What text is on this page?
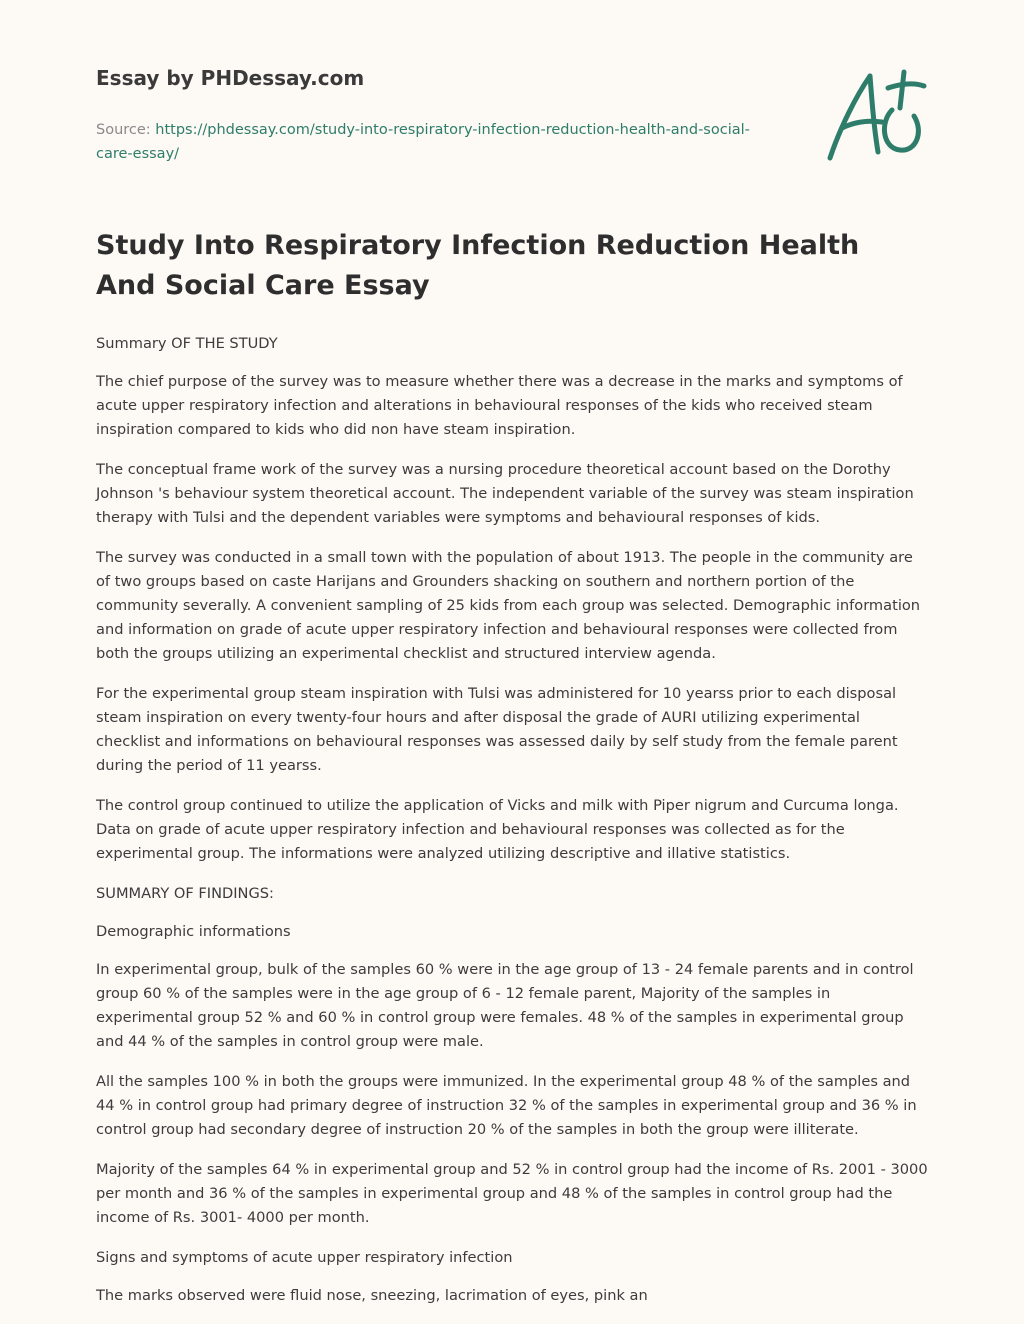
Essay by PHDessay.com
Source: https://phdessay.com/study-into-respiratory-infection-reduction-health-and-social-care-essay/
Study Into Respiratory Infection Reduction Health And Social Care Essay

Summary OF THE STUDY

The chief purpose of the survey was to measure whether there was a decrease in the marks and symptoms of acute upper respiratory infection and alterations in behavioural responses of the kids who received steam inspiration compared to kids who did non have steam inspiration.

The conceptual frame work of the survey was a nursing procedure theoretical account based on the Dorothy Johnson 's behaviour system theoretical account. The independent variable of the survey was steam inspiration therapy with Tulsi and the dependent variables were symptoms and behavioural responses of kids.

The survey was conducted in a small town with the population of about 1913. The people in the community are of two groups based on caste Harijans and Grounders shacking on southern and northern portion of the community severally. A convenient sampling of 25 kids from each group was selected. Demographic information and information on grade of acute upper respiratory infection and behavioural responses were collected from both the groups utilizing an experimental checklist and structured interview agenda.

For the experimental group steam inspiration with Tulsi was administered for 10 yearss prior to each disposal steam inspiration on every twenty-four hours and after disposal the grade of AURI utilizing experimental checklist and informations on behavioural responses was assessed daily by self study from the female parent during the period of 11 yearss.

The control group continued to utilize the application of Vicks and milk with Piper nigrum and Curcuma longa. Data on grade of acute upper respiratory infection and behavioural responses was collected as for the experimental group. The informations were analyzed utilizing descriptive and illative statistics.

SUMMARY OF FINDINGS:

Demographic informations

In experimental group, bulk of the samples 60 % were in the age group of 13 - 24 female parents and in control group 60 % of the samples were in the age group of 6 - 12 female parent, Majority of the samples in experimental group 52 % and 60 % in control group were females. 48 % of the samples in experimental group and 44 % of the samples in control group were male.

All the samples 100 % in both the groups were immunized. In the experimental group 48 % of the samples and 44 % in control group had primary degree of instruction 32 % of the samples in experimental group and 36 % in control group had secondary degree of instruction 20 % of the samples in both the group were illiterate.

Majority of the samples 64 % in experimental group and 52 % in control group had the income of Rs. 2001 - 3000 per month and 36 % of the samples in experimental group and 48 % of the samples in control group had the income of Rs. 3001- 4000 per month.

Signs and symptoms of acute upper respiratory infection

The marks observed were fluid nose, sneezing, lacrimation of eyes, pink an
